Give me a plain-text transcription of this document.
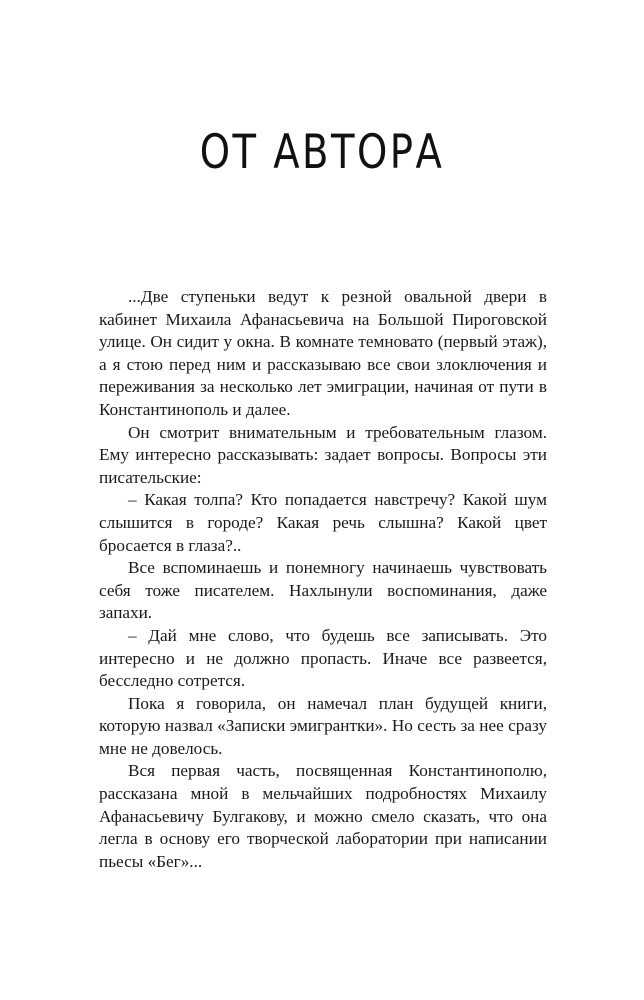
ОТ АВТОРА

...Две ступеньки ведут к резной овальной двери в кабинет Михаила Афанасьевича на Большой Пироговской улице. Он сидит у окна. В комнате темновато (первый этаж), а я стою перед ним и рассказываю все свои злоключения и переживания за несколько лет эмиграции, начиная от пути в Константинополь и далее.

Он смотрит внимательным и требовательным глазом. Ему интересно рассказывать: задает вопросы. Вопросы эти писательские:

– Какая толпа? Кто попадается навстречу? Какой шум слышится в городе? Какая речь слышна? Какой цвет бросается в глаза?..

Все вспоминаешь и понемногу начинаешь чувствовать себя тоже писателем. Нахлынули воспоминания, даже запахи.

– Дай мне слово, что будешь все записывать. Это интересно и не должно пропасть. Иначе все развеется, бесследно сотрется.

Пока я говорила, он намечал план будущей книги, которую назвал «Записки эмигрантки». Но сесть за нее сразу мне не довелось.

Вся первая часть, посвященная Константинополю, рассказана мной в мельчайших подробностях Михаилу Афанасьевичу Булгакову, и можно смело сказать, что она легла в основу его творческой лаборатории при написании пьесы «Бег»...
